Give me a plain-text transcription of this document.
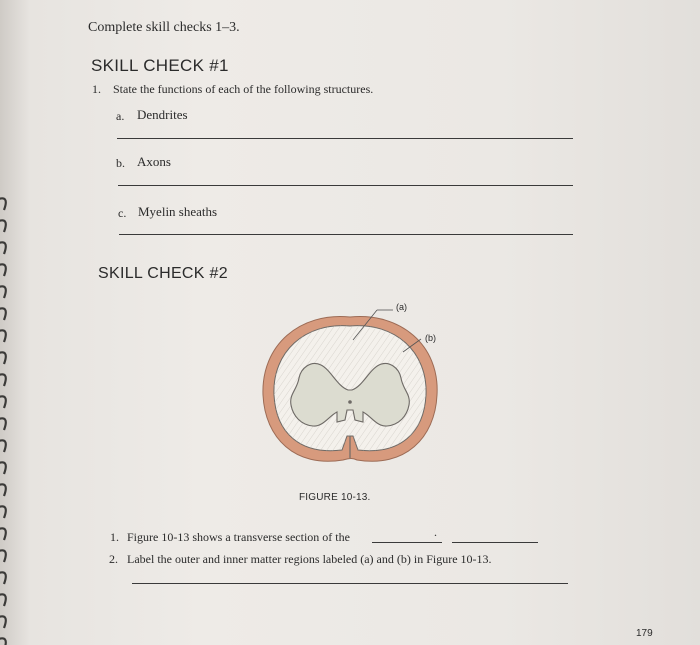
Complete skill checks 1–3.
SKILL CHECK #1
1. State the functions of each of the following structures.
a. Dendrites
b. Axons
c. Myelin sheaths
SKILL CHECK #2
(a)
(b)
FIGURE 10-13.
1. Figure 10-13 shows a transverse section of the	.
2. Label the outer and inner matter regions labeled (a) and (b) in Figure 10-13.
179
